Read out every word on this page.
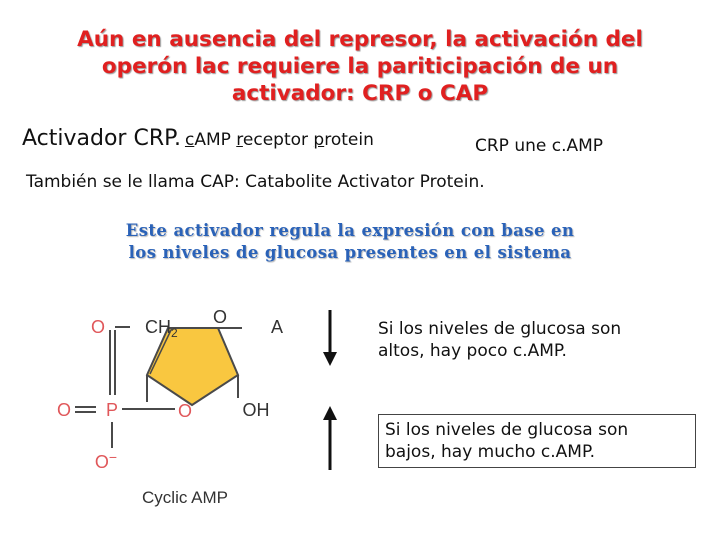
Aún en ausencia del represor, la activación del
operón lac requiere la pariticipación de un
activador: CRP o CAP
Activador CRP. cAMP receptor protein	CRP une c.AMP
También se le llama CAP: Catabolite Activator Protein.
Este activador regula la expresión con base en
los niveles de glucosa presentes en el sistema
O $CH_2$
O A
O P	O	OH
O−
Cyclic AMP
Si los niveles de glucosa son
altos, hay poco c.AMP.
Si los niveles de glucosa son
bajos, hay mucho c.AMP.
